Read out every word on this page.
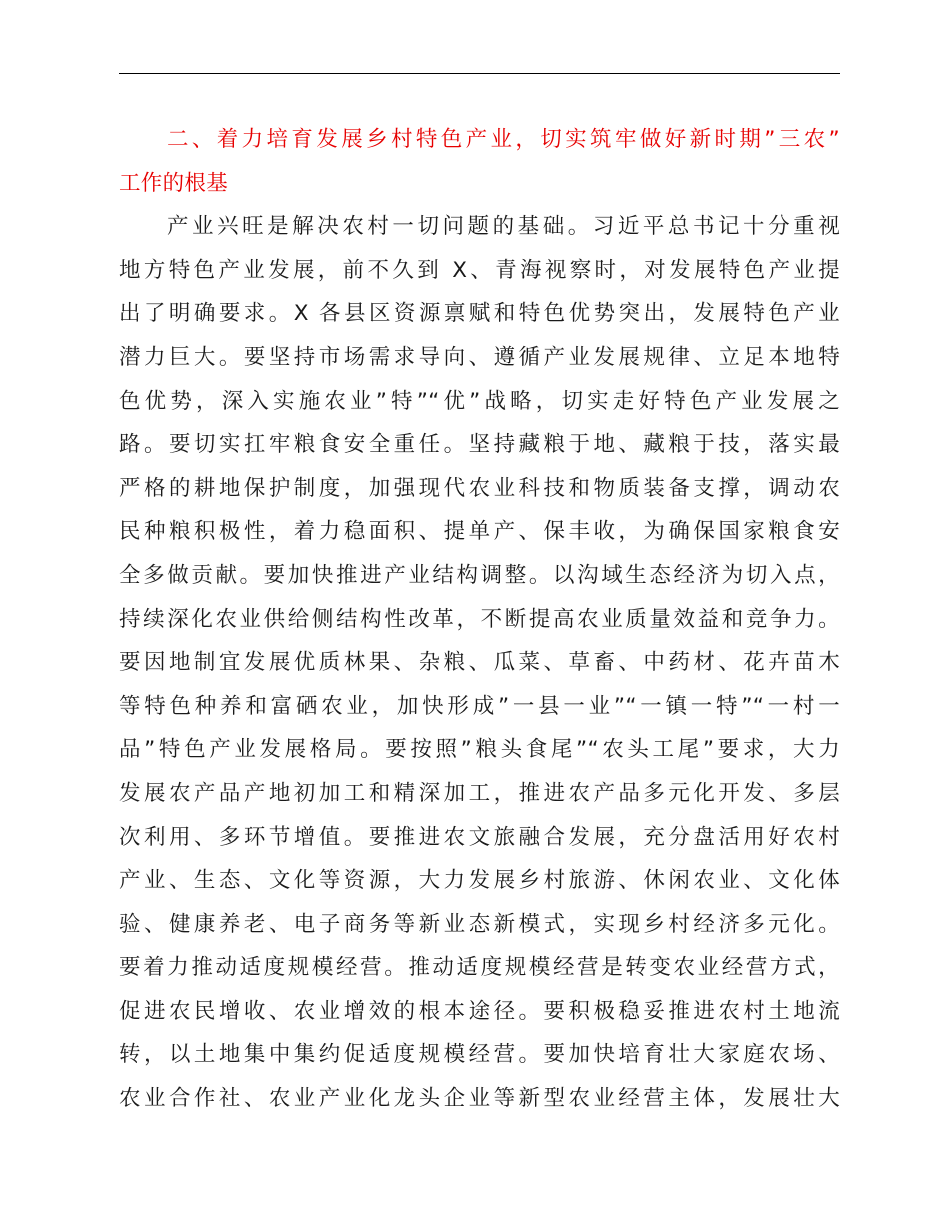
二、着力培育发展乡村特色产业，切实筑牢做好新时期”三农”
工作的根基
产业兴旺是解决农村一切问题的基础。习近平总书记十分重视
地方特色产业发展，前不久到 X、青海视察时，对发展特色产业提
出了明确要求。X 各县区资源禀赋和特色优势突出，发展特色产业
潜力巨大。要坚持市场需求导向、遵循产业发展规律、立足本地特
色优势，深入实施农业”特”“优”战略，切实走好特色产业发展之
路。要切实扛牢粮食安全重任。坚持藏粮于地、藏粮于技，落实最
严格的耕地保护制度，加强现代农业科技和物质装备支撑，调动农
民种粮积极性，着力稳面积、提单产、保丰收，为确保国家粮食安
全多做贡献。要加快推进产业结构调整。以沟域生态经济为切入点，
持续深化农业供给侧结构性改革，不断提高农业质量效益和竞争力。
要因地制宜发展优质林果、杂粮、瓜菜、草畜、中药材、花卉苗木
等特色种养和富硒农业，加快形成”一县一业”“一镇一特”“一村一
品”特色产业发展格局。要按照”粮头食尾”“农头工尾”要求，大力
发展农产品产地初加工和精深加工，推进农产品多元化开发、多层
次利用、多环节增值。要推进农文旅融合发展，充分盘活用好农村
产业、生态、文化等资源，大力发展乡村旅游、休闲农业、文化体
验、健康养老、电子商务等新业态新模式，实现乡村经济多元化。
要着力推动适度规模经营。推动适度规模经营是转变农业经营方式，
促进农民增收、农业增效的根本途径。要积极稳妥推进农村土地流
转，以土地集中集约促适度规模经营。要加快培育壮大家庭农场、
农业合作社、农业产业化龙头企业等新型农业经营主体，发展壮大
